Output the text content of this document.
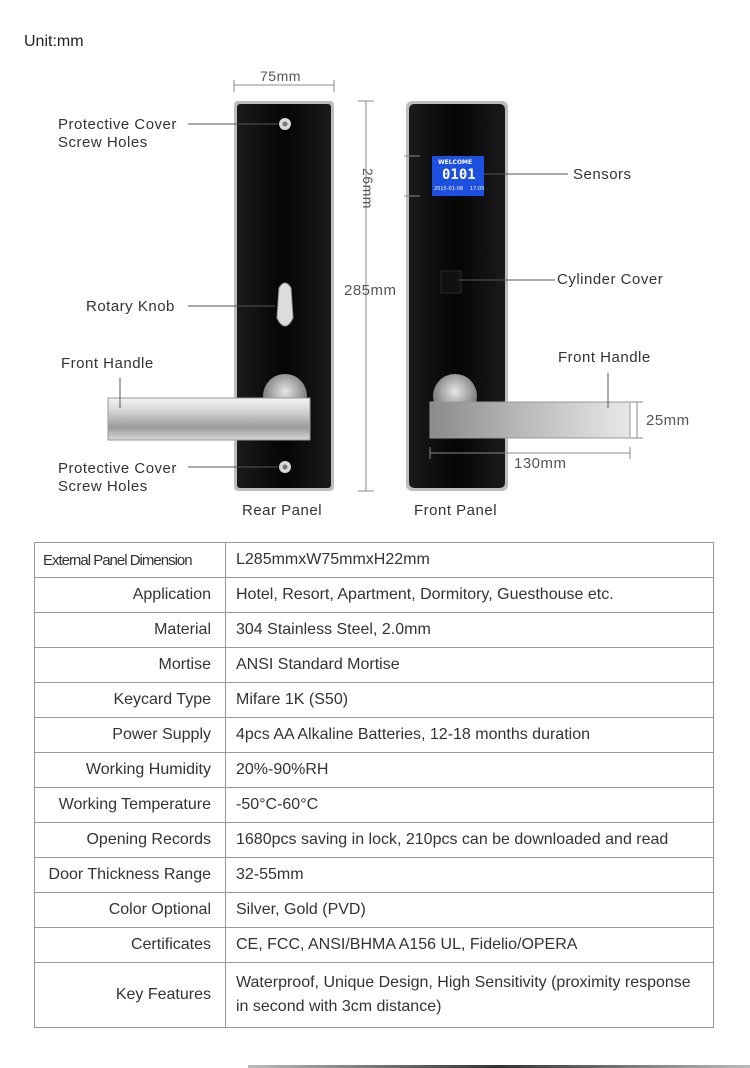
Unit:mm
WELCOME
0101
2015-01-08 17:05
75mm
285mm
26mm
25mm
130mm
Protective Cover
Screw Holes
Rotary Knob
Front Handle
Protective Cover
Screw Holes
Sensors
Cylinder Cover
Front Handle
Rear Panel	Front Panel
External Panel Dimension	L285mmxW75mmxH22mm
Application	Hotel, Resort, Apartment, Dormitory, Guesthouse etc.
Material	304 Stainless Steel, 2.0mm
Mortise	ANSI Standard Mortise
Keycard Type	Mifare 1K (S50)
Power Supply	4pcs AA Alkaline Batteries, 12-18 months duration
Working Humidity	20%-90%RH
Working Temperature	-50°C-60°C
Opening Records	1680pcs saving in lock, 210pcs can be downloaded and read
Door Thickness Range	32-55mm
Color Optional	Silver, Gold (PVD)
Certificates	CE, FCC, ANSI/BHMA A156 UL, Fidelio/OPERA
Key Features	Waterproof, Unique Design, High Sensitivity (proximity response in second with 3cm distance)
